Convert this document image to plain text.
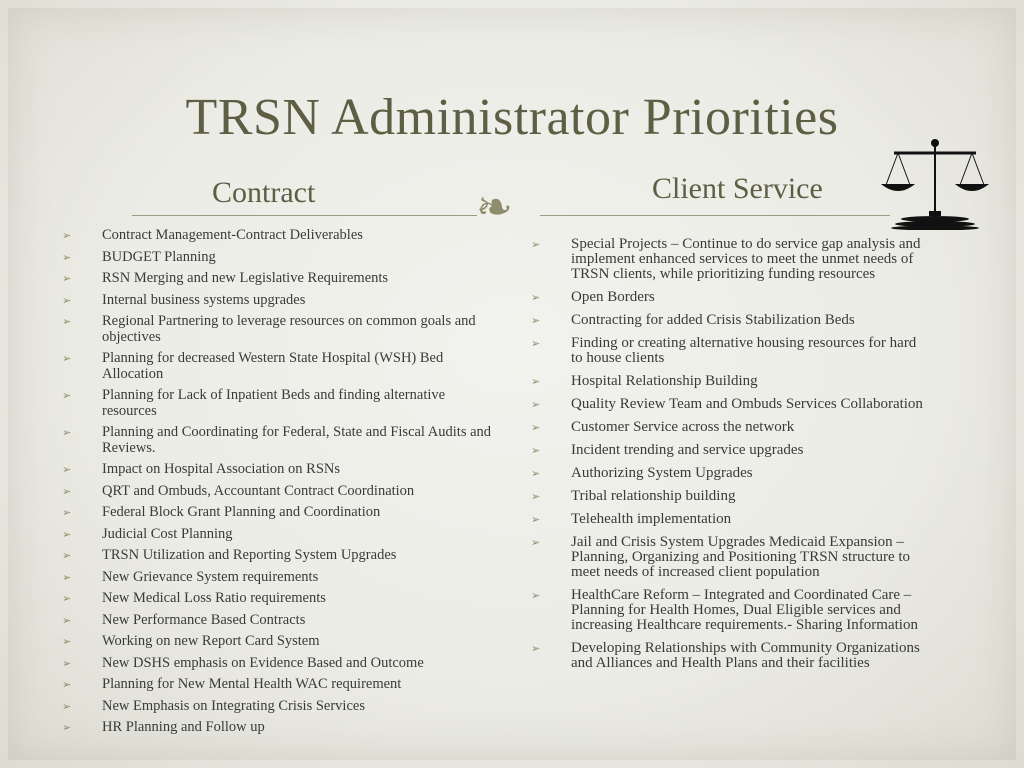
TRSN Administrator Priorities
Contract	Client Service
❧
➢ Contract Management-Contract Deliverables
➢ BUDGET Planning
➢ RSN Merging and new Legislative Requirements
➢ Internal business systems upgrades
➢ Regional Partnering to leverage resources on common goals and objectives
➢ Planning for decreased Western State Hospital (WSH) Bed Allocation
➢ Planning for Lack of Inpatient Beds and finding alternative resources
➢ Planning and Coordinating for Federal, State and Fiscal Audits and Reviews.
➢ Impact on Hospital Association on RSNs
➢ QRT and Ombuds, Accountant Contract Coordination
➢ Federal Block Grant Planning and Coordination
➢ Judicial Cost Planning
➢ TRSN Utilization and Reporting System Upgrades
➢ New Grievance System requirements
➢ New Medical Loss Ratio requirements
➢ New Performance Based Contracts
➢ Working on new Report Card System
➢ New DSHS emphasis on Evidence Based and Outcome
➢ Planning for New Mental Health WAC requirement
➢ New Emphasis on Integrating Crisis Services
➢ HR Planning and Follow up
➢ Special Projects – Continue to do service gap analysis and implement enhanced services to meet the unmet needs of TRSN clients, while prioritizing funding resources
➢ Open Borders
➢ Contracting for added Crisis Stabilization Beds
➢ Finding or creating alternative housing resources for hard to house clients
➢ Hospital Relationship Building
➢ Quality Review Team and Ombuds Services Collaboration
➢ Customer Service across the network
➢ Incident trending and service upgrades
➢ Authorizing System Upgrades
➢ Tribal relationship building
➢ Telehealth implementation
➢ Jail and Crisis System Upgrades Medicaid Expansion – Planning, Organizing and Positioning TRSN structure to meet needs of increased client population
➢ HealthCare Reform – Integrated and Coordinated Care – Planning for Health Homes, Dual Eligible services and increasing Healthcare requirements.- Sharing Information
➢ Developing Relationships with Community Organizations and Alliances and Health Plans and their facilities
